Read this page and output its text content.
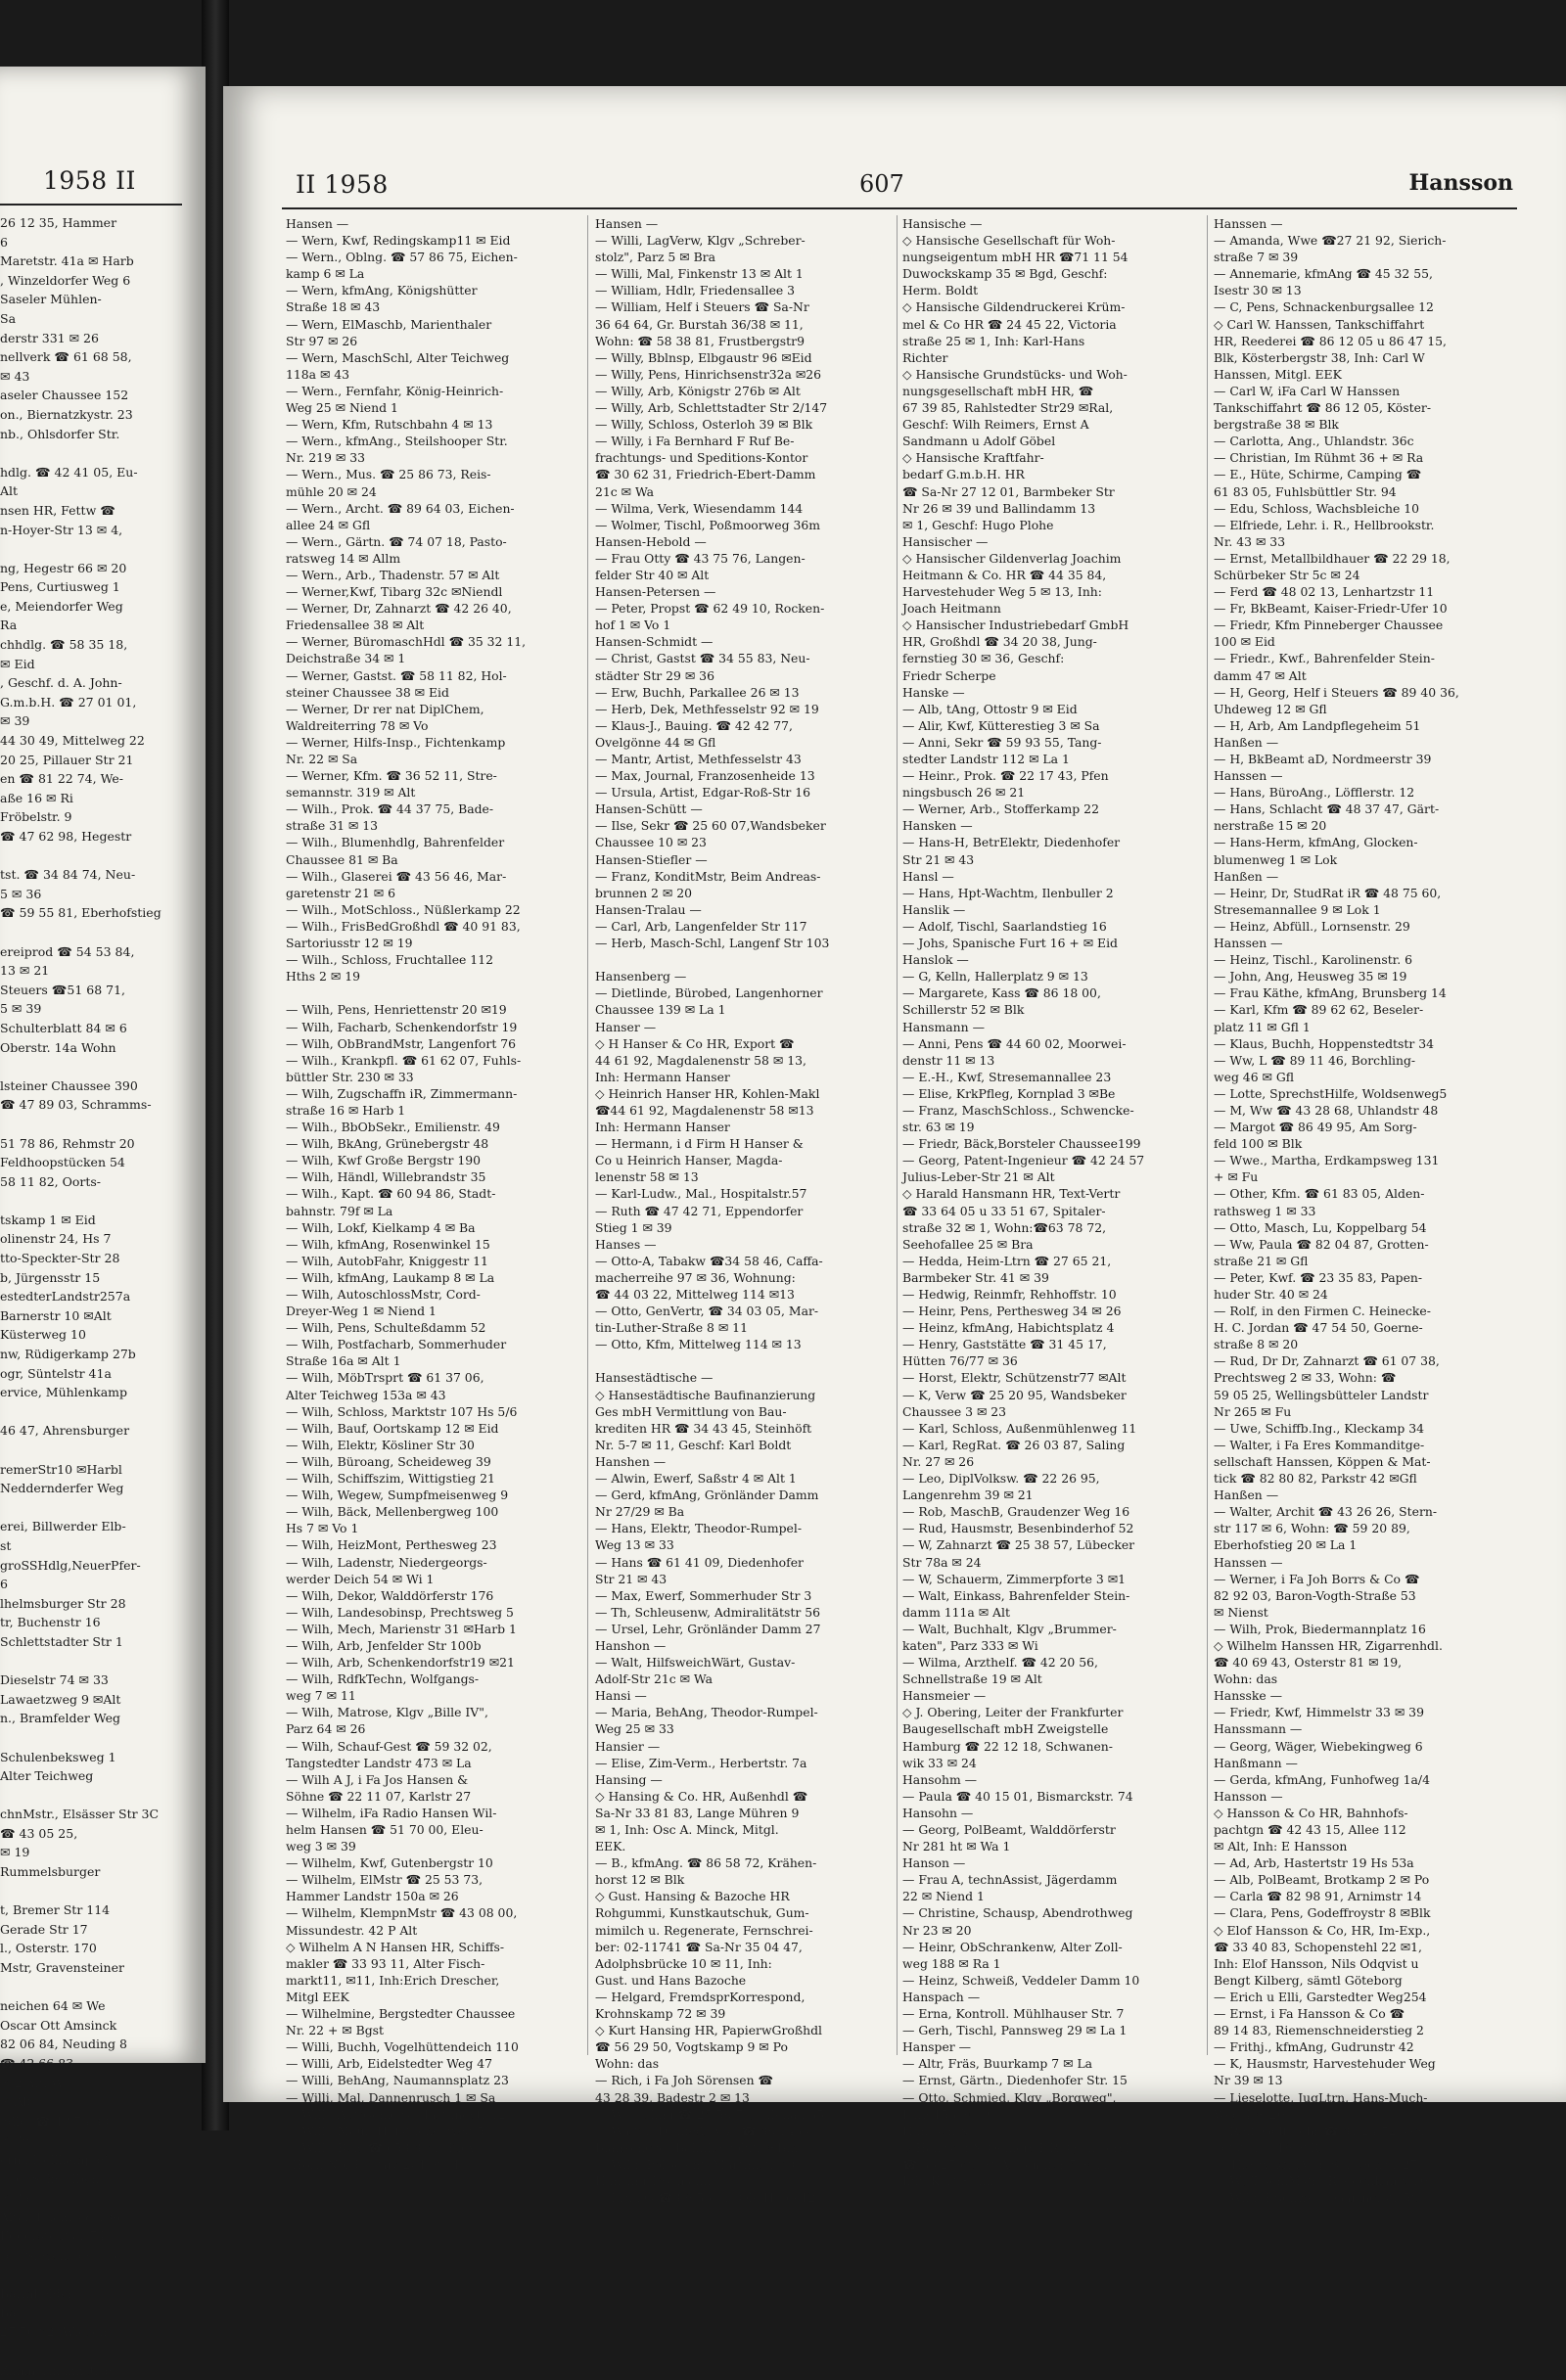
1958 II
26 12 35, Hammer
6
Maretstr. 41a ✉ Harb
, Winzeldorfer Weg 6
Saseler Mühlen-
Sa
derstr 331 ✉ 26
nellverk ☎ 61 68 58,
✉ 43
aseler Chaussee 152
on., Biernatzkystr. 23
nb., Ohlsdorfer Str.

hdlg. ☎ 42 41 05, Eu-
Alt
nsen HR, Fettw ☎
n-Hoyer-Str 13 ✉ 4,

ng, Hegestr 66 ✉ 20
Pens, Curtiusweg 1
e, Meiendorfer Weg
Ra
chhdlg. ☎ 58 35 18,
✉ Eid
, Geschf. d. A. John-
G.m.b.H. ☎ 27 01 01,
✉ 39
44 30 49, Mittelweg 22
20 25, Pillauer Str 21
en ☎ 81 22 74, We-
aße 16 ✉ Ri
Fröbelstr. 9
☎ 47 62 98, Hegestr

tst. ☎ 34 84 74, Neu-
5 ✉ 36
☎ 59 55 81, Eberhofstieg

ereiprod ☎ 54 53 84,
13 ✉ 21
Steuers ☎51 68 71,
5 ✉ 39
Schulterblatt 84 ✉ 6
Oberstr. 14a Wohn

lsteiner Chaussee 390
☎ 47 89 03, Schramms-

51 78 86, Rehmstr 20
Feldhoopstücken 54
58 11 82, Oorts-

tskamp 1 ✉ Eid
olinenstr 24, Hs 7
tto-Speckter-Str 28
b, Jürgensstr 15
estedterLandstr257a
Barnerstr 10 ✉Alt
Küsterweg 10
nw, Rüdigerkamp 27b
ogr, Süntelstr 41a
ervice, Mühlenkamp

46 47, Ahrensburger

remerStr10 ✉Harbl
Neddernderfer Weg

erei, Billwerder Elb-
st
groSSHdlg,NeuerPfer-
6
lhelmsburger Str 28
tr, Buchenstr 16
Schlettstadter Str 1

Dieselstr 74 ✉ 33
Lawaetzweg 9 ✉Alt
n., Bramfelder Weg

Schulenbeksweg 1
Alter Teichweg

chnMstr., Elsässer Str 3C
☎ 43 05 25,
✉ 19
Rummelsburger

t, Bremer Str 114
Gerade Str 17
l., Osterstr. 170
Mstr, Gravensteiner

neichen 64 ✉ We
Oscar Ott Amsinck
82 06 84, Neuding 8
☎ 42 66 83,
✉ 2 Alt, Wohn:
✉ Alt
hdlg. ☎ 43 73 80,
✉ 36
ern., Hellkamp 60
ung, Schwalben-
✉ 33
Alter Teichweg 186
Eggerstedtstr 74
rg., Sievekingsallee

Barmbelder
Ba
27 76 82, Wiesen-

Zimmermannstr 6
II 1958	607	Hansson
Hansen —
— Wern, Kwf, Redingskamp11 ✉ Eid
— Wern., Oblng. ☎ 57 86 75, Eichen-
kamp 6 ✉ La
— Wern, kfmAng, Königshütter
Straße 18 ✉ 43
— Wern, ElMaschb, Marienthaler
Str 97 ✉ 26
— Wern, MaschSchl, Alter Teichweg
118a ✉ 43
— Wern., Fernfahr, König-Heinrich-
Weg 25 ✉ Niend 1
— Wern, Kfm, Rutschbahn 4 ✉ 13
— Wern., kfmAng., Steilshooper Str.
Nr. 219 ✉ 33
— Wern., Mus. ☎ 25 86 73, Reis-
mühle 20 ✉ 24
— Wern., Archt. ☎ 89 64 03, Eichen-
allee 24 ✉ Gfl
— Wern., Gärtn. ☎ 74 07 18, Pasto-
ratsweg 14 ✉ Allm
— Wern., Arb., Thadenstr. 57 ✉ Alt
— Werner,Kwf, Tibarg 32c ✉Niendl
— Werner, Dr, Zahnarzt ☎ 42 26 40,
Friedensallee 38 ✉ Alt
— Werner, BüromaschHdl ☎ 35 32 11,
Deichstraße 34 ✉ 1
— Werner, Gastst. ☎ 58 11 82, Hol-
steiner Chaussee 38 ✉ Eid
— Werner, Dr rer nat DiplChem,
Waldreiterring 78 ✉ Vo
— Werner, Hilfs-Insp., Fichtenkamp
Nr. 22 ✉ Sa
— Werner, Kfm. ☎ 36 52 11, Stre-
semannstr. 319 ✉ Alt
— Wilh., Prok. ☎ 44 37 75, Bade-
straße 31 ✉ 13
— Wilh., Blumenhdlg, Bahrenfelder
Chaussee 81 ✉ Ba
— Wilh., Glaserei ☎ 43 56 46, Mar-
garetenstr 21 ✉ 6
— Wilh., MotSchloss., Nüßlerkamp 22
— Wilh., FrisBedGroßhdl ☎ 40 91 83,
Sartoriusstr 12 ✉ 19
— Wilh., Schloss, Fruchtallee 112
Hths 2 ✉ 19

— Wilh, Pens, Henriettenstr 20 ✉19
— Wilh, Facharb, Schenkendorfstr 19
— Wilh, ObBrandMstr, Langenfort 76
— Wilh., Krankpfl. ☎ 61 62 07, Fuhls-
büttler Str. 230 ✉ 33
— Wilh, Zugschaffn iR, Zimmermann-
straße 16 ✉ Harb 1
— Wilh., BbObSekr., Emilienstr. 49
— Wilh, BkAng, Grünebergstr 48
— Wilh, Kwf Große Bergstr 190
— Wilh, Händl, Willebrandstr 35
— Wilh., Kapt. ☎ 60 94 86, Stadt-
bahnstr. 79f ✉ La
— Wilh, Lokf, Kielkamp 4 ✉ Ba
— Wilh, kfmAng, Rosenwinkel 15
— Wilh, AutobFahr, Kniggestr 11
— Wilh, kfmAng, Laukamp 8 ✉ La
— Wilh, AutoschlossMstr, Cord-
Dreyer-Weg 1 ✉ Niend 1
— Wilh, Pens, Schulteßdamm 52
— Wilh, Postfacharb, Sommerhuder
Straße 16a ✉ Alt 1
— Wilh, MöbTrsprt ☎ 61 37 06,
Alter Teichweg 153a ✉ 43
— Wilh, Schloss, Marktstr 107 Hs 5/6
— Wilh, Bauf, Oortskamp 12 ✉ Eid
— Wilh, Elektr, Kösliner Str 30
— Wilh, Büroang, Scheideweg 39
— Wilh, Schiffszim, Wittigstieg 21
— Wilh, Wegew, Sumpfmeisenweg 9
— Wilh, Bäck, Mellenbergweg 100
Hs 7 ✉ Vo 1
— Wilh, HeizMont, Perthesweg 23
— Wilh, Ladenstr, Niedergeorgs-
werder Deich 54 ✉ Wi 1
— Wilh, Dekor, Walddörferstr 176
— Wilh, Landesobinsp, Prechtsweg 5
— Wilh, Mech, Marienstr 31 ✉Harb 1
— Wilh, Arb, Jenfelder Str 100b
— Wilh, Arb, Schenkendorfstr19 ✉21
— Wilh, RdfkTechn, Wolfgangs-
weg 7 ✉ 11
— Wilh, Matrose, Klgv „Bille IV",
Parz 64 ✉ 26
— Wilh, Schauf-Gest ☎ 59 32 02,
Tangstedter Landstr 473 ✉ La
— Wilh A J, i Fa Jos Hansen &
Söhne ☎ 22 11 07, Karlstr 27
— Wilhelm, iFa Radio Hansen Wil-
helm Hansen ☎ 51 70 00, Eleu-
weg 3 ✉ 39
— Wilhelm, Kwf, Gutenbergstr 10
— Wilhelm, ElMstr ☎ 25 53 73,
Hammer Landstr 150a ✉ 26
— Wilhelm, KlempnMstr ☎ 43 08 00,
Missundestr. 42 P Alt
◇ Wilhelm A N Hansen HR, Schiffs-
makler ☎ 33 93 11, Alter Fisch-
markt11, ✉11, Inh:Erich Drescher,
Mitgl EEK
— Wilhelmine, Bergstedter Chaussee
Nr. 22 + ✉ Bgst
— Willi, Buchh, Vogelhüttendeich 110
— Willi, Arb, Eidelstedter Weg 47
— Willi, BehAng, Naumannsplatz 23
— Willi, Mal, Dannenrusch 1 ✉ Sa
— Willi, Autoschloss, Hartungstr 12
— Willi, Maur, Hofstückenweg 5
— Willi, Reis ☎ 65 88 61, Klgv
„Horn Nord", Parz 201 ✉ 34
Hansen —
— Willi, LagVerw, Klgv „Schreber-
stolz", Parz 5 ✉ Bra
— Willi, Mal, Finkenstr 13 ✉ Alt 1
— William, Hdlr, Friedensallee 3
— William, Helf i Steuers ☎ Sa-Nr
36 64 64, Gr. Burstah 36/38 ✉ 11,
Wohn: ☎ 58 38 81, Frustbergstr9
— Willy, Bblnsp, Elbgaustr 96 ✉Eid
— Willy, Pens, Hinrichsenstr32a ✉26
— Willy, Arb, Königstr 276b ✉ Alt
— Willy, Arb, Schlettstadter Str 2/147
— Willy, Schloss, Osterloh 39 ✉ Blk
— Willy, i Fa Bernhard F Ruf Be-
frachtungs- und Speditions-Kontor
☎ 30 62 31, Friedrich-Ebert-Damm
21c ✉ Wa
— Wilma, Verk, Wiesendamm 144
— Wolmer, Tischl, Poßmoorweg 36m
Hansen-Hebold —
— Frau Otty ☎ 43 75 76, Langen-
felder Str 40 ✉ Alt
Hansen-Petersen —
— Peter, Propst ☎ 62 49 10, Rocken-
hof 1 ✉ Vo 1
Hansen-Schmidt —
— Christ, Gastst ☎ 34 55 83, Neu-
städter Str 29 ✉ 36
— Erw, Buchh, Parkallee 26 ✉ 13
— Herb, Dek, Methfesselstr 92 ✉ 19
— Klaus-J., Bauing. ☎ 42 42 77,
Ovelgönne 44 ✉ Gfl
— Mantr, Artist, Methfesselstr 43
— Max, Journal, Franzosenheide 13
— Ursula, Artist, Edgar-Roß-Str 16
Hansen-Schütt —
— Ilse, Sekr ☎ 25 60 07,Wandsbeker
Chaussee 10 ✉ 23
Hansen-Stiefler —
— Franz, KonditMstr, Beim Andreas-
brunnen 2 ✉ 20
Hansen-Tralau —
— Carl, Arb, Langenfelder Str 117
— Herb, Masch-Schl, Langenf Str 103

Hansenberg —
— Dietlinde, Bürobed, Langenhorner
Chaussee 139 ✉ La 1
Hanser —
◇ H Hanser & Co HR, Export ☎
44 61 92, Magdalenenstr 58 ✉ 13,
Inh: Hermann Hanser
◇ Heinrich Hanser HR, Kohlen-Makl
☎44 61 92, Magdalenenstr 58 ✉13
Inh: Hermann Hanser
— Hermann, i d Firm H Hanser &
Co u Heinrich Hanser, Magda-
lenenstr 58 ✉ 13
— Karl-Ludw., Mal., Hospitalstr.57
— Ruth ☎ 47 42 71, Eppendorfer
Stieg 1 ✉ 39
Hanses —
— Otto-A, Tabakw ☎34 58 46, Caffa-
macherreihe 97 ✉ 36, Wohnung:
☎ 44 03 22, Mittelweg 114 ✉13
— Otto, GenVertr, ☎ 34 03 05, Mar-
tin-Luther-Straße 8 ✉ 11
— Otto, Kfm, Mittelweg 114 ✉ 13

Hansestädtische —
◇ Hansestädtische Baufinanzierung
Ges mbH Vermittlung von Bau-
krediten HR ☎ 34 43 45, Steinhöft
Nr. 5-7 ✉ 11, Geschf: Karl Boldt
Hanshen —
— Alwin, Ewerf, Saßstr 4 ✉ Alt 1
— Gerd, kfmAng, Grönländer Damm
Nr 27/29 ✉ Ba
— Hans, Elektr, Theodor-Rumpel-
Weg 13 ✉ 33
— Hans ☎ 61 41 09, Diedenhofer
Str 21 ✉ 43
— Max, Ewerf, Sommerhuder Str 3
— Th, Schleusenw, Admiralitätstr 56
— Ursel, Lehr, Grönländer Damm 27
Hanshon —
— Walt, HilfsweichWärt, Gustav-
Adolf-Str 21c ✉ Wa
Hansi —
— Maria, BehAng, Theodor-Rumpel-
Weg 25 ✉ 33
Hansier —
— Elise, Zim-Verm., Herbertstr. 7a
Hansing —
◇ Hansing & Co. HR, Außenhdl ☎
Sa-Nr 33 81 83, Lange Mühren 9
✉ 1, Inh: Osc A. Minck, Mitgl.
EEK.
— B., kfmAng. ☎ 86 58 72, Krähen-
horst 12 ✉ Blk
◇ Gust. Hansing & Bazoche HR
Rohgummi, Kunstkautschuk, Gum-
mimilch u. Regenerate, Fernschrei-
ber: 02-11741 ☎ Sa-Nr 35 04 47,
Adolphsbrücke 10 ✉ 11, Inh:
Gust. und Hans Bazoche
— Helgard, FremdsprKorrespond,
Krohnskamp 72 ✉ 39
◇ Kurt Hansing HR, PapierwGroßhdl
☎ 56 29 50, Vogtskamp 9 ✉ Po
Wohn: das
— Rich, i Fa Joh Sörensen ☎
43 28 39, Badestr 2 ✉ 13
— W, Dipling ☎ 25 56 73, Eilenau 35
— Walter, Dr med, Arzt ☎ 86 14 80,
Blankeneser Bahnhofsplatz ✉Blk
— Wilh, PolBeamt, Martinistr 40
Hansing-Tessmann —
— Frau O ☎ 86 53 31, Ole Hoop 12
Hansische —
◇ Hansische Gesellschaft für Woh-
nungseigentum mbH HR ☎71 11 54
Duwockskamp 35 ✉ Bgd, Geschf:
Herm. Boldt
◇ Hansische Gildendruckerei Krüm-
mel & Co HR ☎ 24 45 22, Victoria
straße 25 ✉ 1, Inh: Karl-Hans
Richter
◇ Hansische Grundstücks- und Woh-
nungsgesellschaft mbH HR, ☎
67 39 85, Rahlstedter Str29 ✉Ral,
Geschf: Wilh Reimers, Ernst A
Sandmann u Adolf Göbel
◇ Hansische Kraftfahr-
bedarf G.m.b.H. HR
☎ Sa-Nr 27 12 01, Barmbeker Str
Nr 26 ✉ 39 und Ballindamm 13
✉ 1, Geschf: Hugo Plohe
Hansischer —
◇ Hansischer Gildenverlag Joachim
Heitmann & Co. HR ☎ 44 35 84,
Harvestehuder Weg 5 ✉ 13, Inh:
Joach Heitmann
◇ Hansischer Industriebedarf GmbH
HR, Großhdl ☎ 34 20 38, Jung-
fernstieg 30 ✉ 36, Geschf:
Friedr Scherpe
Hanske —
— Alb, tAng, Ottostr 9 ✉ Eid
— Alir, Kwf, Kütterestieg 3 ✉ Sa
— Anni, Sekr ☎ 59 93 55, Tang-
stedter Landstr 112 ✉ La 1
— Heinr., Prok. ☎ 22 17 43, Pfen
ningsbusch 26 ✉ 21
— Werner, Arb., Stofferkamp 22
Hansken —
— Hans-H, BetrElektr, Diedenhofer
Str 21 ✉ 43
Hansl —
— Hans, Hpt-Wachtm, Ilenbuller 2
Hanslik —
— Adolf, Tischl, Saarlandstieg 16
— Johs, Spanische Furt 16 + ✉ Eid
Hanslok —
— G, Kelln, Hallerplatz 9 ✉ 13
— Margarete, Kass ☎ 86 18 00,
Schillerstr 52 ✉ Blk
Hansmann —
— Anni, Pens ☎ 44 60 02, Moorwei-
denstr 11 ✉ 13
— E.-H., Kwf, Stresemannallee 23
— Elise, KrkPfleg, Kornplad 3 ✉Be
— Franz, MaschSchloss., Schwencke-
str. 63 ✉ 19
— Friedr, Bäck,Borsteler Chaussee199
— Georg, Patent-Ingenieur ☎ 42 24 57
Julius-Leber-Str 21 ✉ Alt
◇ Harald Hansmann HR, Text-Vertr
☎ 33 64 05 u 33 51 67, Spitaler-
straße 32 ✉ 1, Wohn:☎63 78 72,
Seehofallee 25 ✉ Bra
— Hedda, Heim-Ltrn ☎ 27 65 21,
Barmbeker Str. 41 ✉ 39
— Hedwig, Reinmfr, Rehhoffstr. 10
— Heinr, Pens, Perthesweg 34 ✉ 26
— Heinz, kfmAng, Habichtsplatz 4
— Henry, Gaststätte ☎ 31 45 17,
Hütten 76/77 ✉ 36
— Horst, Elektr, Schützenstr77 ✉Alt
— K, Verw ☎ 25 20 95, Wandsbeker
Chaussee 3 ✉ 23
— Karl, Schloss, Außenmühlenweg 11
— Karl, RegRat. ☎ 26 03 87, Saling
Nr. 27 ✉ 26
— Leo, DiplVolksw. ☎ 22 26 95,
Langenrehm 39 ✉ 21
— Rob, MaschB, Graudenzer Weg 16
— Rud, Hausmstr, Besenbinderhof 52
— W, Zahnarzt ☎ 25 38 57, Lübecker
Str 78a ✉ 24
— W, Schauerm, Zimmerpforte 3 ✉1
— Walt, Einkass, Bahrenfelder Stein-
damm 111a ✉ Alt
— Walt, Buchhalt, Klgv „Brummer-
katen", Parz 333 ✉ Wi
— Wilma, Arzthelf. ☎ 42 20 56,
Schnellstraße 19 ✉ Alt
Hansmeier —
◇ J. Obering, Leiter der Frankfurter
Baugesellschaft mbH Zweigstelle
Hamburg ☎ 22 12 18, Schwanen-
wik 33 ✉ 24
Hansohm —
— Paula ☎ 40 15 01, Bismarckstr. 74
Hansohn —
— Georg, PolBeamt, Walddörferstr
Nr 281 ht ✉ Wa 1
Hanson —
— Frau A, technAssist, Jägerdamm
22 ✉ Niend 1
— Christine, Schausp, Abendrothweg
Nr 23 ✉ 20
— Heinr, ObSchrankenw, Alter Zoll-
weg 188 ✉ Ra 1
— Heinz, Schweiß, Veddeler Damm 10
Hanspach —
— Erna, Kontroll. Mühlhauser Str. 7
— Gerh, Tischl, Pannsweg 29 ✉ La 1
Hansper —
— Altr, Fräs, Buurkamp 7 ✉ La
— Ernst, Gärtn., Diedenhofer Str. 15
— Otto, Schmied, Klgv „Borgweg",
Parz 153 ✉ 39
Hanssen & —
◇ Hanssen & Oehlers HR, Quartiersl.
☎ 33 25 60, St-Annenufer 5 ✉ 11
Inh: Kurt Kölln
Hanssen —
— Amanda, Wwe ☎27 21 92, Sierich-
straße 7 ✉ 39
— Annemarie, kfmAng ☎ 45 32 55,
Isestr 30 ✉ 13
— C, Pens, Schnackenburgsallee 12
◇ Carl W. Hanssen, Tankschiffahrt
HR, Reederei ☎ 86 12 05 u 86 47 15,
Blk, Kösterbergstr 38, Inh: Carl W
Hanssen, Mitgl. EEK
— Carl W, iFa Carl W Hanssen
Tankschiffahrt ☎ 86 12 05, Köster-
bergstraße 38 ✉ Blk
— Carlotta, Ang., Uhlandstr. 36c
— Christian, Im Rühmt 36 + ✉ Ra
— E., Hüte, Schirme, Camping ☎
61 83 05, Fuhlsbüttler Str. 94
— Edu, Schloss, Wachsbleiche 10
— Elfriede, Lehr. i. R., Hellbrookstr.
Nr. 43 ✉ 33
— Ernst, Metallbildhauer ☎ 22 29 18,
Schürbeker Str 5c ✉ 24
— Ferd ☎ 48 02 13, Lenhartzstr 11
— Fr, BkBeamt, Kaiser-Friedr-Ufer 10
— Friedr, Kfm Pinneberger Chaussee
100 ✉ Eid
— Friedr., Kwf., Bahrenfelder Stein-
damm 47 ✉ Alt
— H, Georg, Helf i Steuers ☎ 89 40 36,
Uhdeweg 12 ✉ Gfl
— H, Arb, Am Landpflegeheim 51
Hanßen —
— H, BkBeamt aD, Nordmeerstr 39
Hanssen —
— Hans, BüroAng., Löfflerstr. 12
— Hans, Schlacht ☎ 48 37 47, Gärt-
nerstraße 15 ✉ 20
— Hans-Herm, kfmAng, Glocken-
blumenweg 1 ✉ Lok
Hanßen —
— Heinr, Dr, StudRat iR ☎ 48 75 60,
Stresemannallee 9 ✉ Lok 1
— Heinz, Abfüll., Lornsenstr. 29
Hanssen —
— Heinz, Tischl., Karolinenstr. 6
— John, Ang, Heusweg 35 ✉ 19
— Frau Käthe, kfmAng, Brunsberg 14
— Karl, Kfm ☎ 89 62 62, Beseler-
platz 11 ✉ Gfl 1
— Klaus, Buchh, Hoppenstedtstr 34
— Ww, L ☎ 89 11 46, Borchling-
weg 46 ✉ Gfl
— Lotte, SprechstHilfe, Woldsenweg5
— M, Ww ☎ 43 28 68, Uhlandstr 48
— Margot ☎ 86 49 95, Am Sorg-
feld 100 ✉ Blk
— Wwe., Martha, Erdkampsweg 131
+ ✉ Fu
— Other, Kfm. ☎ 61 83 05, Alden-
rathsweg 1 ✉ 33
— Otto, Masch, Lu, Koppelbarg 54
— Ww, Paula ☎ 82 04 87, Grotten-
straße 21 ✉ Gfl
— Peter, Kwf. ☎ 23 35 83, Papen-
huder Str. 40 ✉ 24
— Rolf, in den Firmen C. Heinecke-
H. C. Jordan ☎ 47 54 50, Goerne-
straße 8 ✉ 20
— Rud, Dr Dr, Zahnarzt ☎ 61 07 38,
Prechtsweg 2 ✉ 33, Wohn: ☎
59 05 25, Wellingsbütteler Landstr
Nr 265 ✉ Fu
— Uwe, Schiffb.Ing., Kleckamp 34
— Walter, i Fa Eres Kommanditge-
sellschaft Hanssen, Köppen & Mat-
tick ☎ 82 80 82, Parkstr 42 ✉Gfl
Hanßen —
— Walter, Archit ☎ 43 26 26, Stern-
str 117 ✉ 6, Wohn: ☎ 59 20 89,
Eberhofstieg 20 ✉ La 1
Hanssen —
— Werner, i Fa Joh Borrs & Co ☎
82 92 03, Baron-Vogth-Straße 53
✉ Nienst
— Wilh, Prok, Biedermannplatz 16
◇ Wilhelm Hanssen HR, Zigarrenhdl.
☎ 40 69 43, Osterstr 81 ✉ 19,
Wohn: das
Hansske —
— Friedr, Kwf, Himmelstr 33 ✉ 39
Hanssmann —
— Georg, Wäger, Wiebekingweg 6
Hanßmann —
— Gerda, kfmAng, Funhofweg 1a/4
Hansson —
◇ Hansson & Co HR, Bahnhofs-
pachtgn ☎ 42 43 15, Allee 112
✉ Alt, Inh: E Hansson
— Ad, Arb, Hastertstr 19 Hs 53a
— Alb, PolBeamt, Brotkamp 2 ✉ Po
— Carla ☎ 82 98 91, Arnimstr 14
— Clara, Pens, Godeffroystr 8 ✉Blk
◇ Elof Hansson & Co, HR, Im-Exp.,
☎ 33 40 83, Schopenstehl 22 ✉1,
Inh: Elof Hansson, Nils Odqvist u
Bengt Kilberg, sämtl Göteborg
— Erich u Elli, Garstedter Weg254
— Ernst, i Fa Hansson & Co ☎
89 14 83, Riemenschneiderstieg 2
— Frithj., kfmAng, Gudrunstr 42
— K, Hausmstr, Harvestehuder Weg
Nr 39 ✉ 13
— Lieselotte, JugLtrn, Hans-Much-
Weg 4 ✉ 20
— Rolf, Golf-Lehr ☎ 81 24 52, Ger-
notstraße 16 ✉ Ri
— Thorw, kfmAng, Simrockstr 27
— W., TischlMstr., Roggenkamp 10
— Wilh, ESchweiß, Gärtnerstr 50
